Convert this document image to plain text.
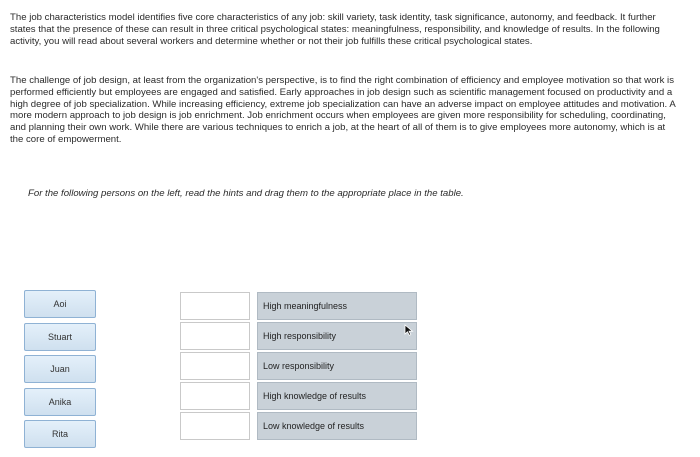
The job characteristics model identifies five core characteristics of any job: skill variety, task identity, task significance, autonomy, and feedback. It further states that the presence of these can result in three critical psychological states: meaningfulness, responsibility, and knowledge of results. In the following activity, you will read about several workers and determine whether or not their job fulfills these critical psychological states.

The challenge of job design, at least from the organization's perspective, is to find the right combination of efficiency and employee motivation so that work is performed efficiently but employees are engaged and satisfied. Early approaches in job design such as scientific management focused on productivity and a high degree of job specialization. While increasing efficiency, extreme job specialization can have an adverse impact on employee attitudes and motivation. A more modern approach to job design is job enrichment. Job enrichment occurs when employees are given more responsibility for scheduling, coordinating, and planning their own work. While there are various techniques to enrich a job, at the heart of all of them is to give employees more autonomy, which is at the core of empowerment.

For the following persons on the left, read the hints and drag them to the appropriate place in the table.

Aoi
Stuart
Juan
Anika
Rita
High meaningfulness
High responsibility
Low responsibility
High knowledge of results
Low knowledge of results
